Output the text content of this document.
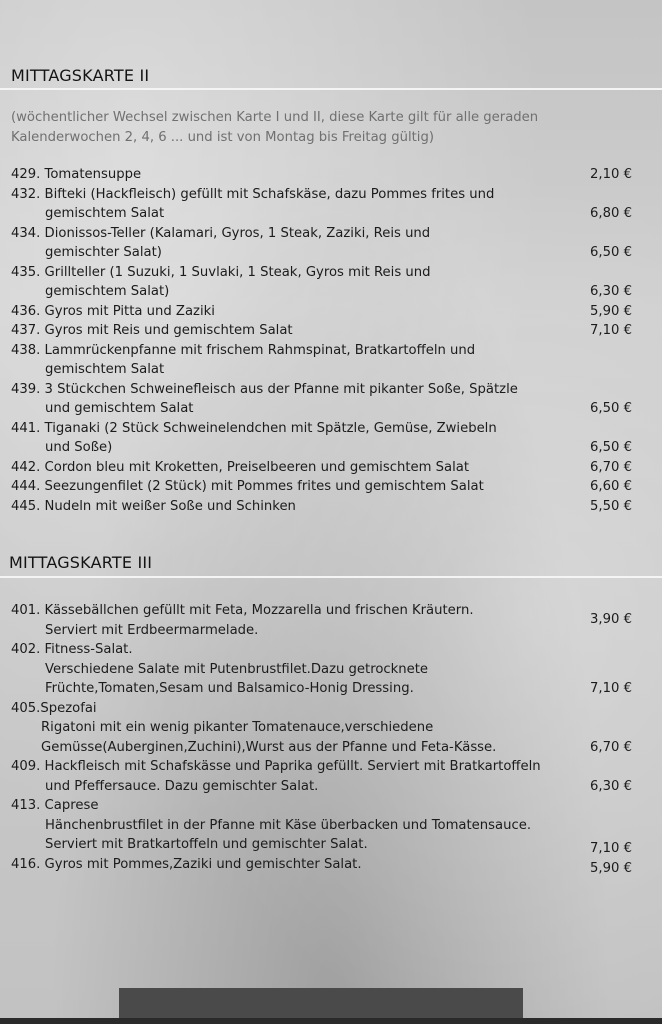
MITTAGSKARTE II
(wöchentlicher Wechsel zwischen Karte I und II, diese Karte gilt für alle geraden
Kalenderwochen 2, 4, 6 ... und ist von Montag bis Freitag gültig)
429. Tomatensuppe	2,10 €
432. Bifteki (Hackfleisch) gefüllt mit Schafskäse, dazu Pommes frites und
gemischtem Salat	6,80 €
434. Dionissos-Teller (Kalamari, Gyros, 1 Steak, Zaziki, Reis und
gemischter Salat)	6,50 €
435. Grillteller (1 Suzuki, 1 Suvlaki, 1 Steak, Gyros mit Reis und
gemischtem Salat)	6,30 €
436. Gyros mit Pitta und Zaziki	5,90 €
437. Gyros mit Reis und gemischtem Salat	7,10 €
438. Lammrückenpfanne mit frischem Rahmspinat, Bratkartoffeln und
gemischtem Salat
439. 3 Stückchen Schweinefleisch aus der Pfanne mit pikanter Soße, Spätzle
und gemischtem Salat	6,50 €
441. Tiganaki (2 Stück Schweinelendchen mit Spätzle, Gemüse, Zwiebeln
und Soße)	6,50 €
442. Cordon bleu mit Kroketten, Preiselbeeren und gemischtem Salat	6,70 €
444. Seezungenfilet (2 Stück) mit Pommes frites und gemischtem Salat	6,60 €
445. Nudeln mit weißer Soße und Schinken	5,50 €
MITTAGSKARTE III
401. Kässebällchen gefüllt mit Feta, Mozzarella und frischen Kräutern.
Serviert mit Erdbeermarmelade.
3,90 €
402. Fitness-Salat.
Verschiedene Salate mit Putenbrustfilet.Dazu getrocknete
Früchte,Tomaten,Sesam und Balsamico-Honig Dressing.	7,10 €
405.Spezofai
Rigatoni mit ein wenig pikanter Tomatenauce,verschiedene
Gemüsse(Auberginen,Zuchini),Wurst aus der Pfanne und Feta-Kässe.	6,70 €
409. Hackfleisch mit Schafskässe und Paprika gefüllt. Serviert mit Bratkartoffeln
und Pfeffersauce. Dazu gemischter Salat.	6,30 €
413. Caprese
Hänchenbrustfilet in der Pfanne mit Käse überbacken und Tomatensauce.
Serviert mit Bratkartoffeln und gemischter Salat.	7,10 €
416. Gyros mit Pommes,Zaziki und gemischter Salat.	5,90 €
